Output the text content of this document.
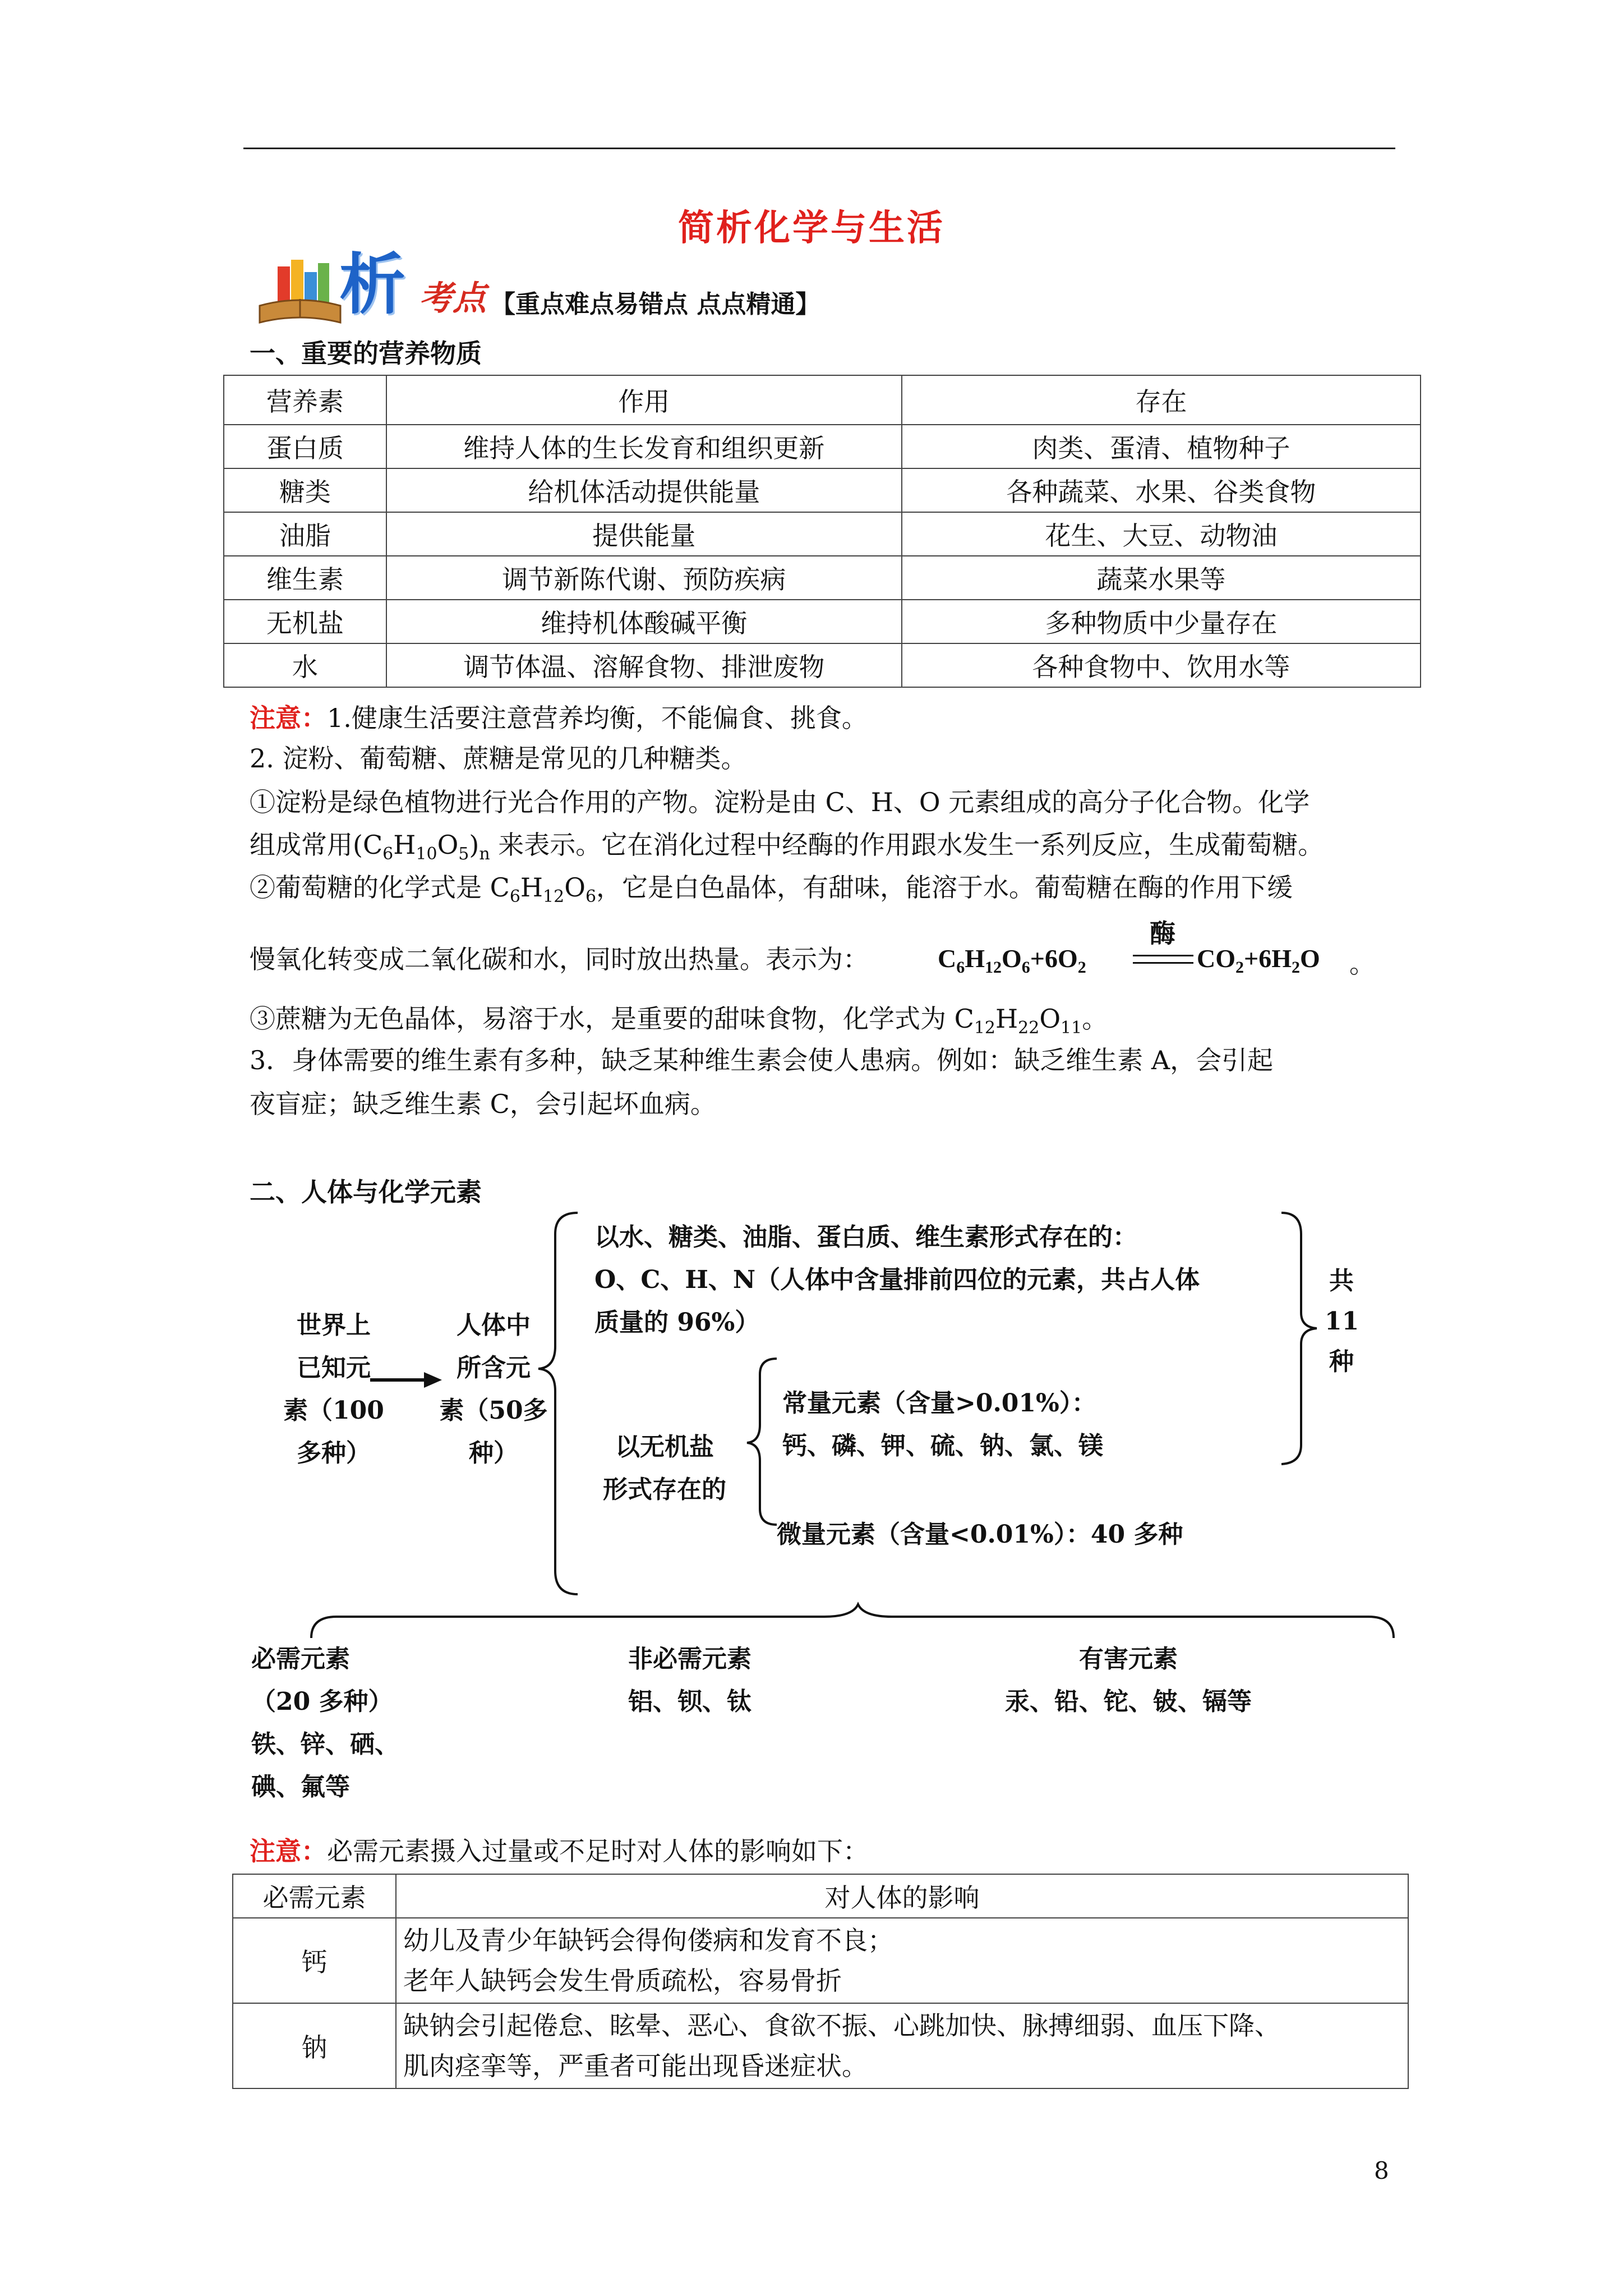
简析化学与生活
析 考点 【重点难点易错点 点点精通】
一、重要的营养物质
营养素	作用	存在
蛋白质	维持人体的生长发育和组织更新	肉类、蛋清、植物种子
糖类	给机体活动提供能量	各种蔬菜、水果、谷类食物
油脂	提供能量	花生、大豆、动物油
维生素	调节新陈代谢、预防疾病	蔬菜水果等
无机盐	维持机体酸碱平衡	多种物质中少量存在
水	调节体温、溶解食物、排泄废物	各种食物中、饮用水等
注意：1.健康生活要注意营养均衡，不能偏食、挑食。
2. 淀粉、葡萄糖、蔗糖是常见的几种糖类。
①淀粉是绿色植物进行光合作用的产物。淀粉是由 C、H、O 元素组成的高分子化合物。化学
组成常用$(C_6H_{10}O_5)_n$ 来表示。它在消化过程中经酶的作用跟水发生一系列反应，生成葡萄糖。
②葡萄糖的化学式是 $C_6H_{12}O_6$，它是白色晶体，有甜味，能溶于水。葡萄糖在酶的作用下缓
慢氧化转变成二氧化碳和水，同时放出热量。表示为：	$C_6H_{12}O_6+6O_2$
酶
$CO_2+6H_2O$ 。
③蔗糖为无色晶体，易溶于水，是重要的甜味食物，化学式为 $C_{12}H_{22}O_{11}$。
3．身体需要的维生素有多种，缺乏某种维生素会使人患病。例如：缺乏维生素 A，会引起
夜盲症；缺乏维生素 C，会引起坏血病。
二、人体与化学元素
世界上
已知元
素（100
多种）
人体中
所含元
素（50多
种）
以水、糖类、油脂、蛋白质、维生素形式存在的：
O、C、H、N（人体中含量排前四位的元素，共占人体
质量的 96%）
共
11
种
以无机盐
形式存在的
常量元素（含量>0.01%）：
钙、磷、钾、硫、钠、氯、镁
微量元素（含量<0.01%）：40 多种
必需元素
（20 多种）
铁、锌、硒、
碘、氟等
非必需元素
铝、钡、钛
有害元素
汞、铅、铊、铍、镉等
注意：必需元素摄入过量或不足时对人体的影响如下：
必需元素	对人体的影响
钙	幼儿及青少年缺钙会得佝偻病和发育不良；
老年人缺钙会发生骨质疏松，容易骨折

钠	缺钠会引起倦怠、眩晕、恶心、食欲不振、心跳加快、脉搏细弱、血压下降、
肌肉痉挛等，严重者可能出现昏迷症状。
8
